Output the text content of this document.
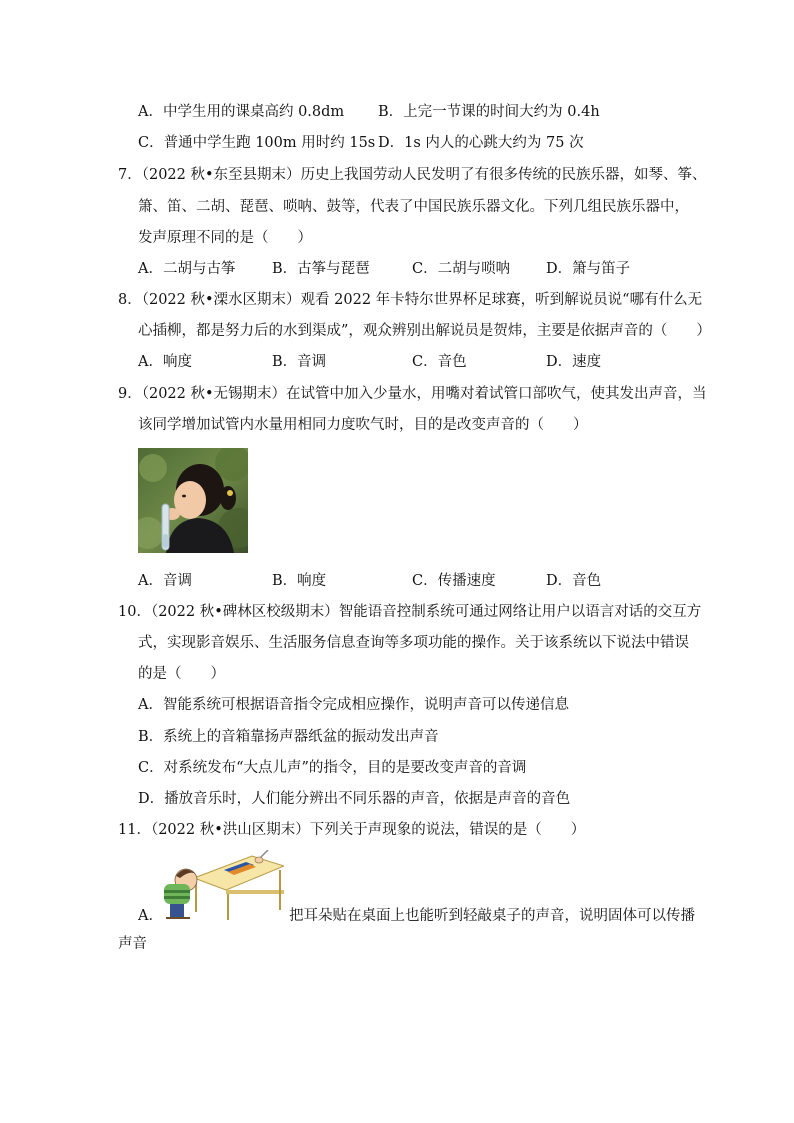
A．中学生用的课桌高约 0.8dm B．上完一节课的时间大约为 0.4h
C．普通中学生跑 100m 用时约 15s D．1s 内人的心跳大约为 75 次
7．（2022 秋•东至县期末）历史上我国劳动人民发明了有很多传统的民族乐器，如琴、筝、
箫、笛、二胡、琵琶、唢呐、鼓等，代表了中国民族乐器文化。下列几组民族乐器中，
发声原理不同的是（　　）
A．二胡与古筝	B．古筝与琵琶	C．二胡与唢呐 D．箫与笛子
8．（2022 秋•溧水区期末）观看 2022 年卡特尔世界杯足球赛，听到解说员说“哪有什么无
心插柳，都是努力后的水到渠成”，观众辨别出解说员是贺炜，主要是依据声音的（　　）
A．响度	B．音调	C．音色	D．速度
9．（2022 秋•无锡期末）在试管中加入少量水，用嘴对着试管口部吹气，使其发出声音，当
该同学增加试管内水量用相同力度吹气时，目的是改变声音的（　　）
A．音调	B．响度	C．传播速度	D．音色
10．（2022 秋•碑林区校级期末）智能语音控制系统可通过网络让用户以语言对话的交互方
式，实现影音娱乐、生活服务信息查询等多项功能的操作。关于该系统以下说法中错误
的是（　　）
A．智能系统可根据语音指令完成相应操作，说明声音可以传递信息
B．系统上的音箱靠扬声器纸盆的振动发出声音
C．对系统发布“大点儿声”的指令，目的是要改变声音的音调
D．播放音乐时，人们能分辨出不同乐器的声音，依据是声音的音色
11．（2022 秋•洪山区期末）下列关于声现象的说法，错误的是（　　）
A．	把耳朵贴在桌面上也能听到轻敲桌子的声音，说明固体可以传播
声音
